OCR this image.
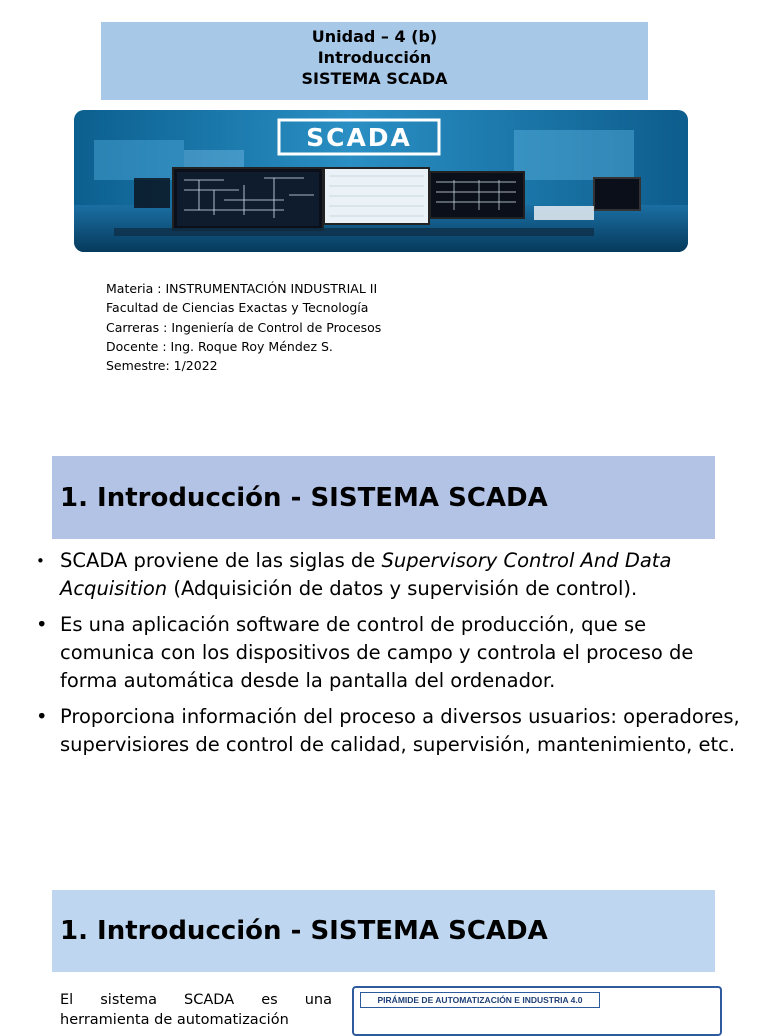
Unidad – 4 (b)
Introducción
SISTEMA SCADA
SCADA
Materia : INSTRUMENTACIÓN INDUSTRIAL II
Facultad de Ciencias Exactas y Tecnología
Carreras : Ingeniería de Control de Procesos
Docente : Ing. Roque Roy Méndez S.
Semestre: 1/2022
1. Introducción - SISTEMA SCADA
• SCADA proviene de las siglas de Supervisory Control And Data Acquisition (Adquisición de datos y supervisión de control).
• Es una aplicación software de control de producción, que se comunica con los dispositivos de campo y controla el proceso de forma automática desde la pantalla del ordenador.
• Proporciona información del proceso a diversos usuarios: operadores, supervisiores de control de calidad, supervisión, mantenimiento, etc.
1. Introducción - SISTEMA SCADA
El sistema SCADA es una herramienta de automatización
PIRÁMIDE DE AUTOMATIZACIÓN E INDUSTRIA 4.0
